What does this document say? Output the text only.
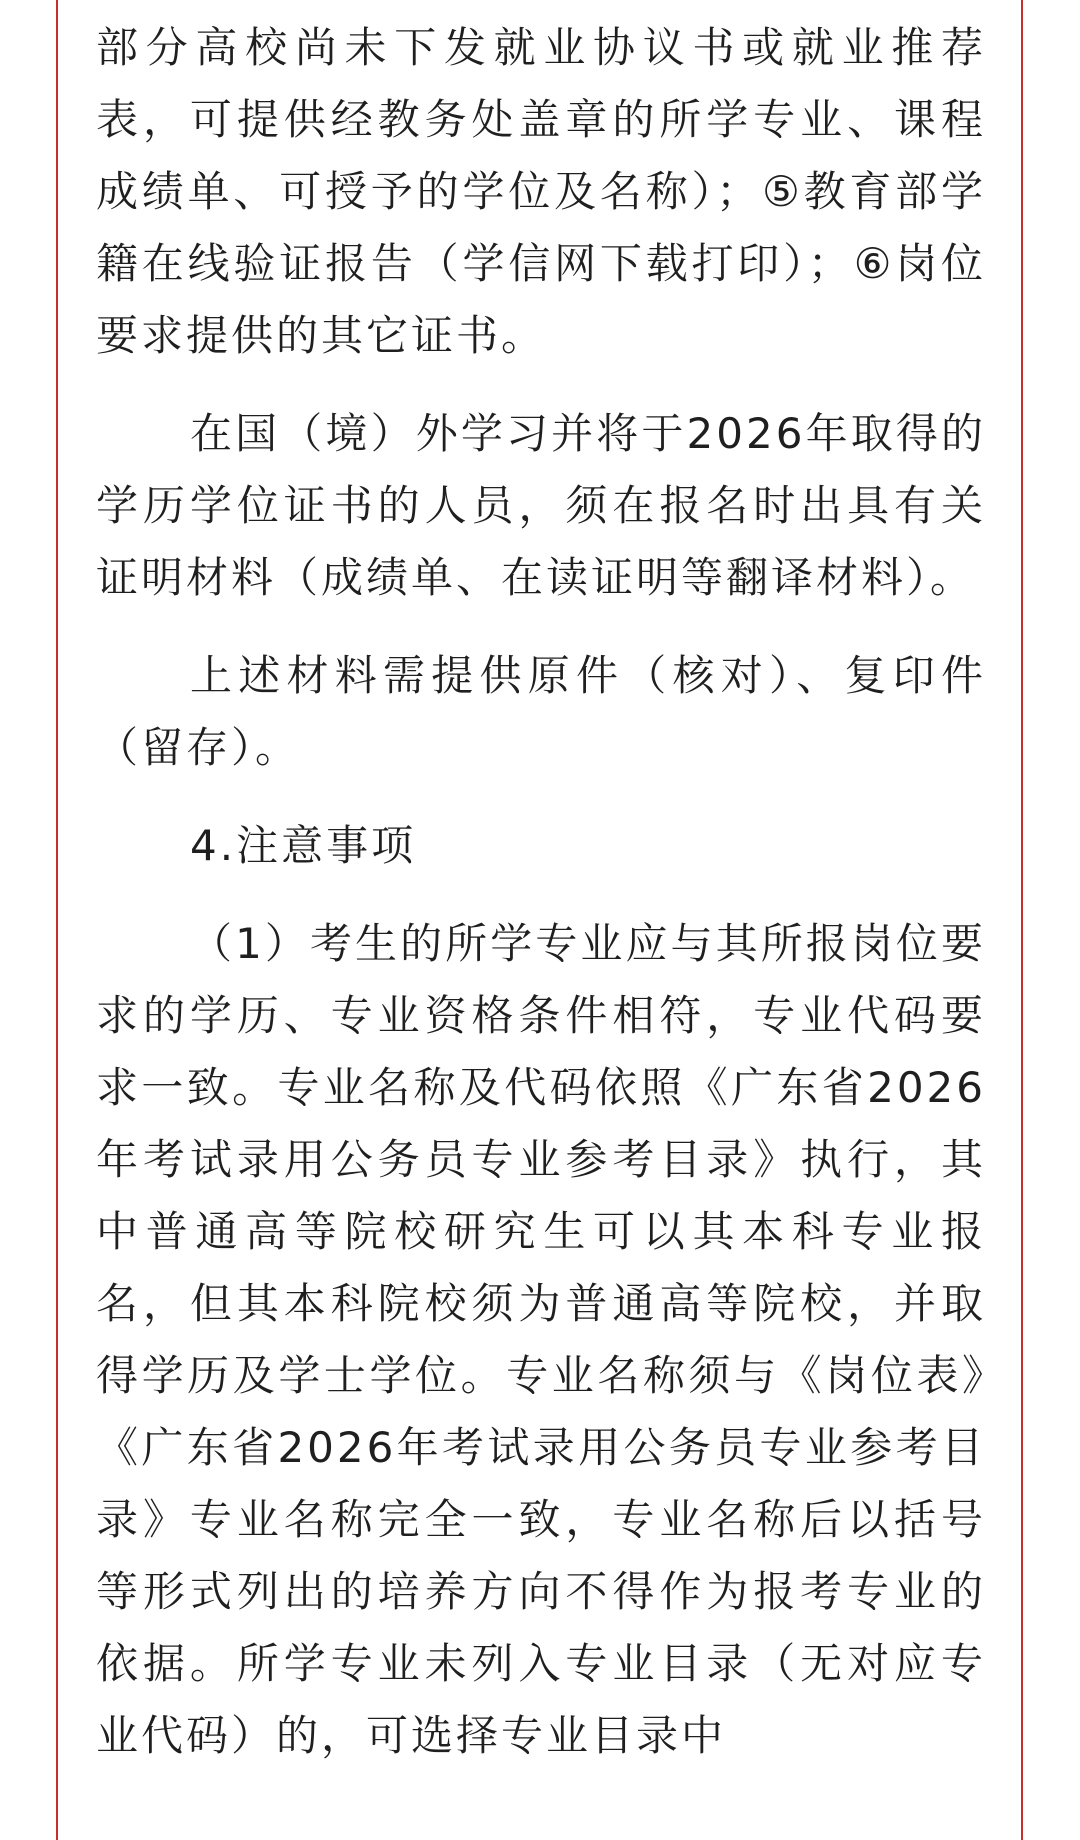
部分高校尚未下发就业协议书或就业推荐表，可提供经教务处盖章的所学专业、课程成绩单、可授予的学位及名称）；⑤教育部学籍在线验证报告（学信网下载打印）；⑥岗位要求提供的其它证书。

在国（境）外学习并将于2026年取得的学历学位证书的人员，须在报名时出具有关证明材料（成绩单、在读证明等翻译材料）。

上述材料需提供原件（核对）、复印件（留存）。

4.注意事项

（1）考生的所学专业应与其所报岗位要求的学历、专业资格条件相符，专业代码要求一致。专业名称及代码依照《广东省2026年考试录用公务员专业参考目录》执行，其中普通高等院校研究生可以其本科专业报名，但其本科院校须为普通高等院校，并取得学历及学士学位。专业名称须与《岗位表》《广东省2026年考试录用公务员专业参考目录》专业名称完全一致，专业名称后以括号等形式列出的培养方向不得作为报考专业的依据。所学专业未列入专业目录（无对应专业代码）的，可选择专业目录中
